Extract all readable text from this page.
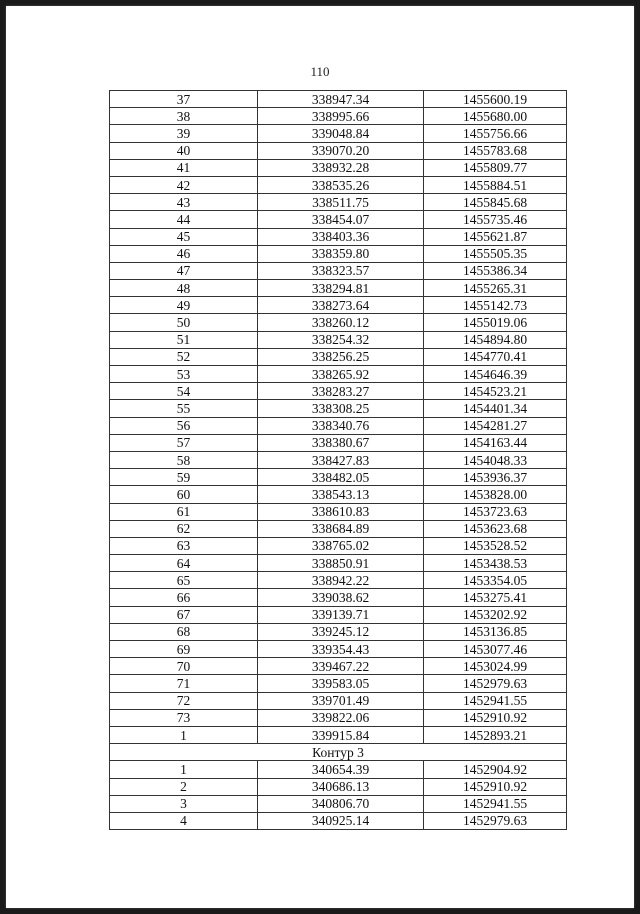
110
37	338947.34	1455600.19
38	338995.66	1455680.00
39	339048.84	1455756.66
40	339070.20	1455783.68
41	338932.28	1455809.77
42	338535.26	1455884.51
43	338511.75	1455845.68
44	338454.07	1455735.46
45	338403.36	1455621.87
46	338359.80	1455505.35
47	338323.57	1455386.34
48	338294.81	1455265.31
49	338273.64	1455142.73
50	338260.12	1455019.06
51	338254.32	1454894.80
52	338256.25	1454770.41
53	338265.92	1454646.39
54	338283.27	1454523.21
55	338308.25	1454401.34
56	338340.76	1454281.27
57	338380.67	1454163.44
58	338427.83	1454048.33
59	338482.05	1453936.37
60	338543.13	1453828.00
61	338610.83	1453723.63
62	338684.89	1453623.68
63	338765.02	1453528.52
64	338850.91	1453438.53
65	338942.22	1453354.05
66	339038.62	1453275.41
67	339139.71	1453202.92
68	339245.12	1453136.85
69	339354.43	1453077.46
70	339467.22	1453024.99
71	339583.05	1452979.63
72	339701.49	1452941.55
73	339822.06	1452910.92
1	339915.84	1452893.21
Контур 3		
1	340654.39	1452904.92
2	340686.13	1452910.92
3	340806.70	1452941.55
4	340925.14	1452979.63
